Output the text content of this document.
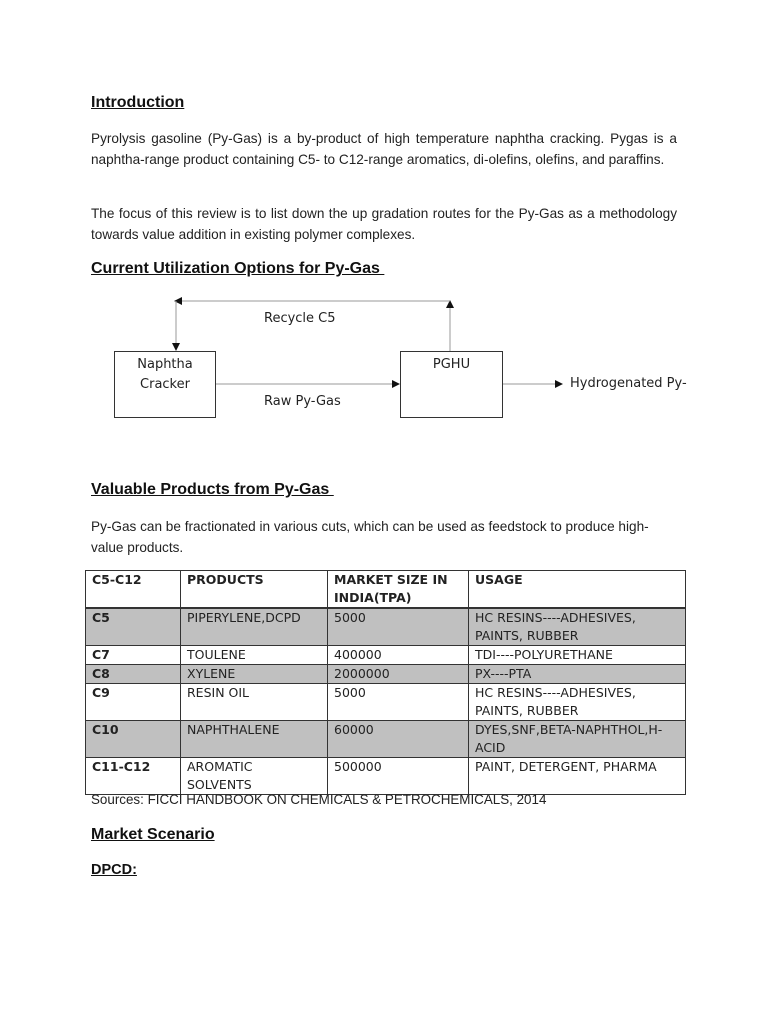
Introduction
Pyrolysis gasoline (Py-Gas) is a by-product of high temperature naphtha cracking. Pygas is a naphtha-range product containing C5- to C12-range aromatics, di-olefins, olefins, and paraffins.
The focus of this review is to list down the up gradation routes for the Py-Gas as a methodology towards value addition in existing polymer complexes.
Current Utilization Options for Py-Gas
Naphtha
Cracker
PGHU
Recycle C5
Raw Py-Gas
Hydrogenated Py-
Valuable Products from Py-Gas
Py-Gas can be fractionated in various cuts, which can be used as feedstock to produce high-value products.
C5-C12	PRODUCTS	MARKET SIZE IN INDIA(TPA)	USAGE
C5	PIPERYLENE,DCPD	5000	HC RESINS----ADHESIVES, PAINTS, RUBBER
C7	TOULENE	400000	TDI----POLYURETHANE
C8	XYLENE	2000000	PX----PTA
C9	RESIN OIL	5000	HC RESINS----ADHESIVES, PAINTS, RUBBER
C10	NAPHTHALENE	60000	DYES,SNF,BETA-NAPHTHOL,H-ACID
C11-C12	AROMATIC SOLVENTS	500000	PAINT, DETERGENT, PHARMA
Sources: FICCI HANDBOOK ON CHEMICALS & PETROCHEMICALS, 2014
Market Scenario
DPCD:
